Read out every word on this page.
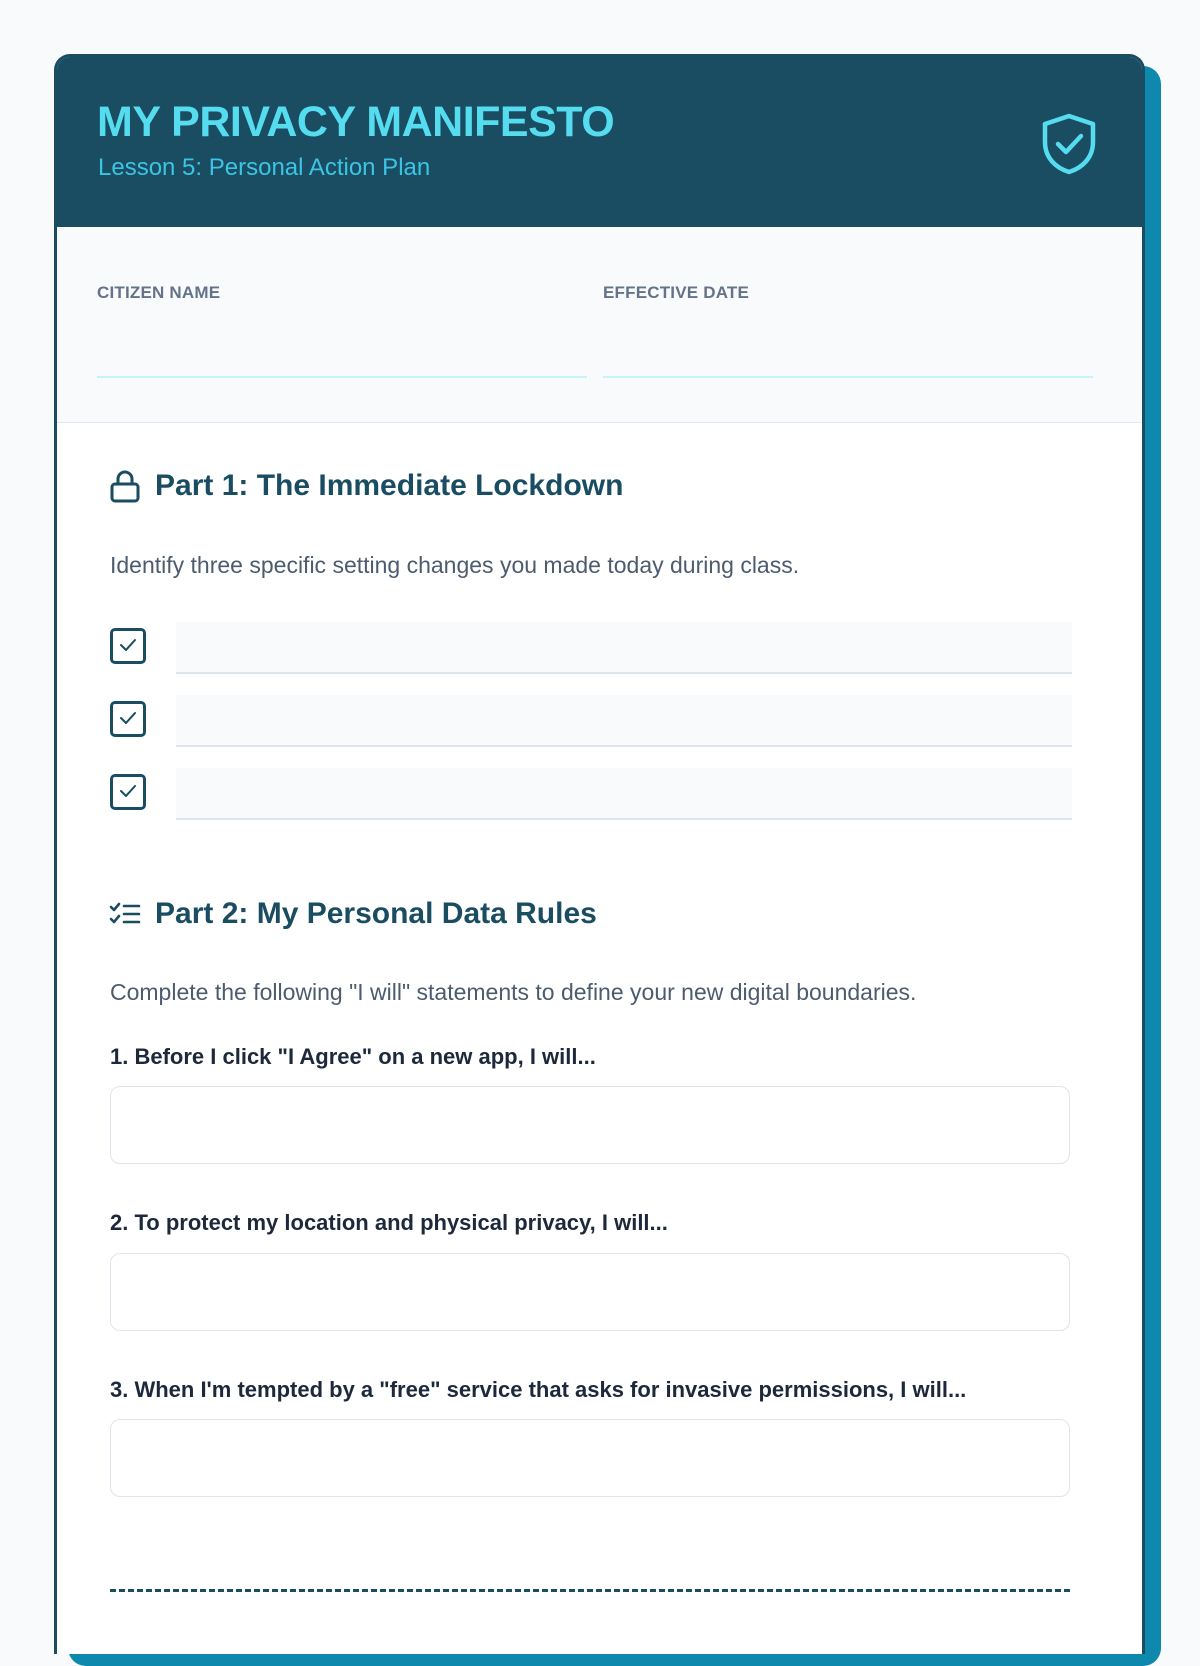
MY PRIVACY MANIFESTO
Lesson 5: Personal Action Plan
CITIZEN NAME	EFFECTIVE DATE
Part 1: The Immediate Lockdown
Identify three specific setting changes you made today during class.
Part 2: My Personal Data Rules
Complete the following "I will" statements to define your new digital boundaries.
1. Before I click "I Agree" on a new app, I will...
2. To protect my location and physical privacy, I will...
3. When I'm tempted by a "free" service that asks for invasive permissions, I will...
